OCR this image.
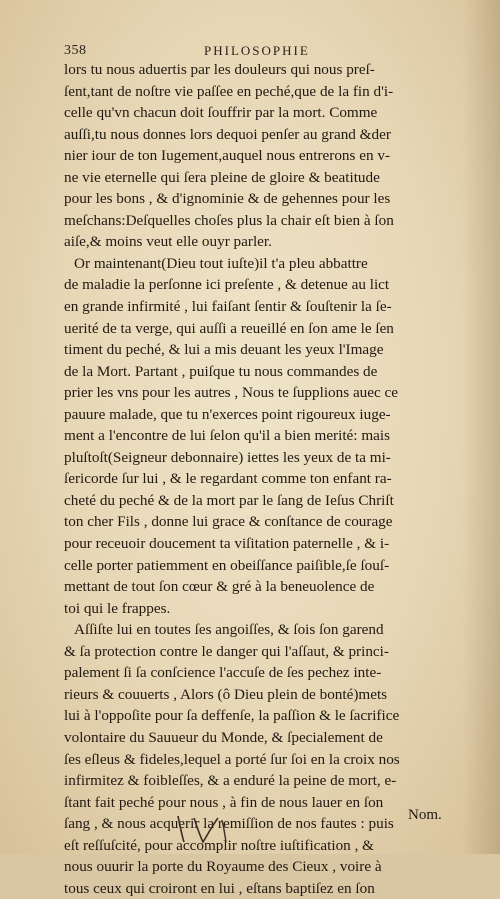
358	PHILOSOPHIE
lors tu nous aduertis par les douleurs qui nous preſ-
ſent,tant de noſtre vie paſſee en peché,que de la fin d'i-
celle qu'vn chacun doit ſouffrir par la mort. Comme
auſſi,tu nous donnes lors dequoi penſer au grand &der
nier iour de ton Iugement,auquel nous entrerons en v-
ne vie eternelle qui ſera pleine de gloire & beatitude
pour les bons , & d'ignominie & de gehennes pour les
meſchans:Deſquelles choſes plus la chair eſt bien à ſon
aiſe,& moins veut elle ouyr parler.
Or maintenant(Dieu tout iuſte)il t'a pleu abbattre
de maladie la perſonne ici preſente , & detenue au lict
en grande infirmité , lui faiſant ſentir & ſouſtenir la ſe-
uerité de ta verge, qui auſſi a reueillé en ſon ame le ſen
timent du peché, & lui a mis deuant les yeux l'Image
de la Mort. Partant , puiſque tu nous commandes de
prier les vns pour les autres , Nous te ſupplions auec ce
pauure malade, que tu n'exerces point rigoureux iuge-
ment a l'encontre de lui ſelon qu'il a bien merité: mais
pluſtoſt(Seigneur debonnaire) iettes les yeux de ta mi-
ſericorde ſur lui , & le regardant comme ton enfant ra-
cheté du peché & de la mort par le ſang de Ieſus Chriſt
ton cher Fils , donne lui grace & conſtance de courage
pour receuoir doucement ta viſitation paternelle , & i-
celle porter patiemment en obeiſſance paiſible,ſe ſouſ-
mettant de tout ſon cœur & gré à la beneuolence de
toi qui le frappes.
Aſſiſte lui en toutes ſes angoiſſes, & ſois ſon garend
& ſa protection contre le danger qui l'aſſaut, & princi-
palement ſi ſa conſcience l'accuſe de ſes pechez inte-
rieurs & couuerts , Alors (ô Dieu plein de bonté)mets
lui à l'oppoſite pour ſa deffenſe, la paſſion & le ſacrifice
volontaire du Sauueur du Monde, & ſpecialement de
ſes eſleus & fideles,lequel a porté ſur ſoi en la croix nos
infirmitez & foibleſſes, & a enduré la peine de mort, e-
ſtant fait peché pour nous , à fin de nous lauer en ſon
ſang , & nous acquerir la remiſſion de nos fautes : puis
eſt reſſuſcité, pour accomplir noſtre iuſtification , &
nous ouurir la porte du Royaume des Cieux , voire à
tous ceux qui croiront en lui , eſtans baptiſez en ſon
Nom.
